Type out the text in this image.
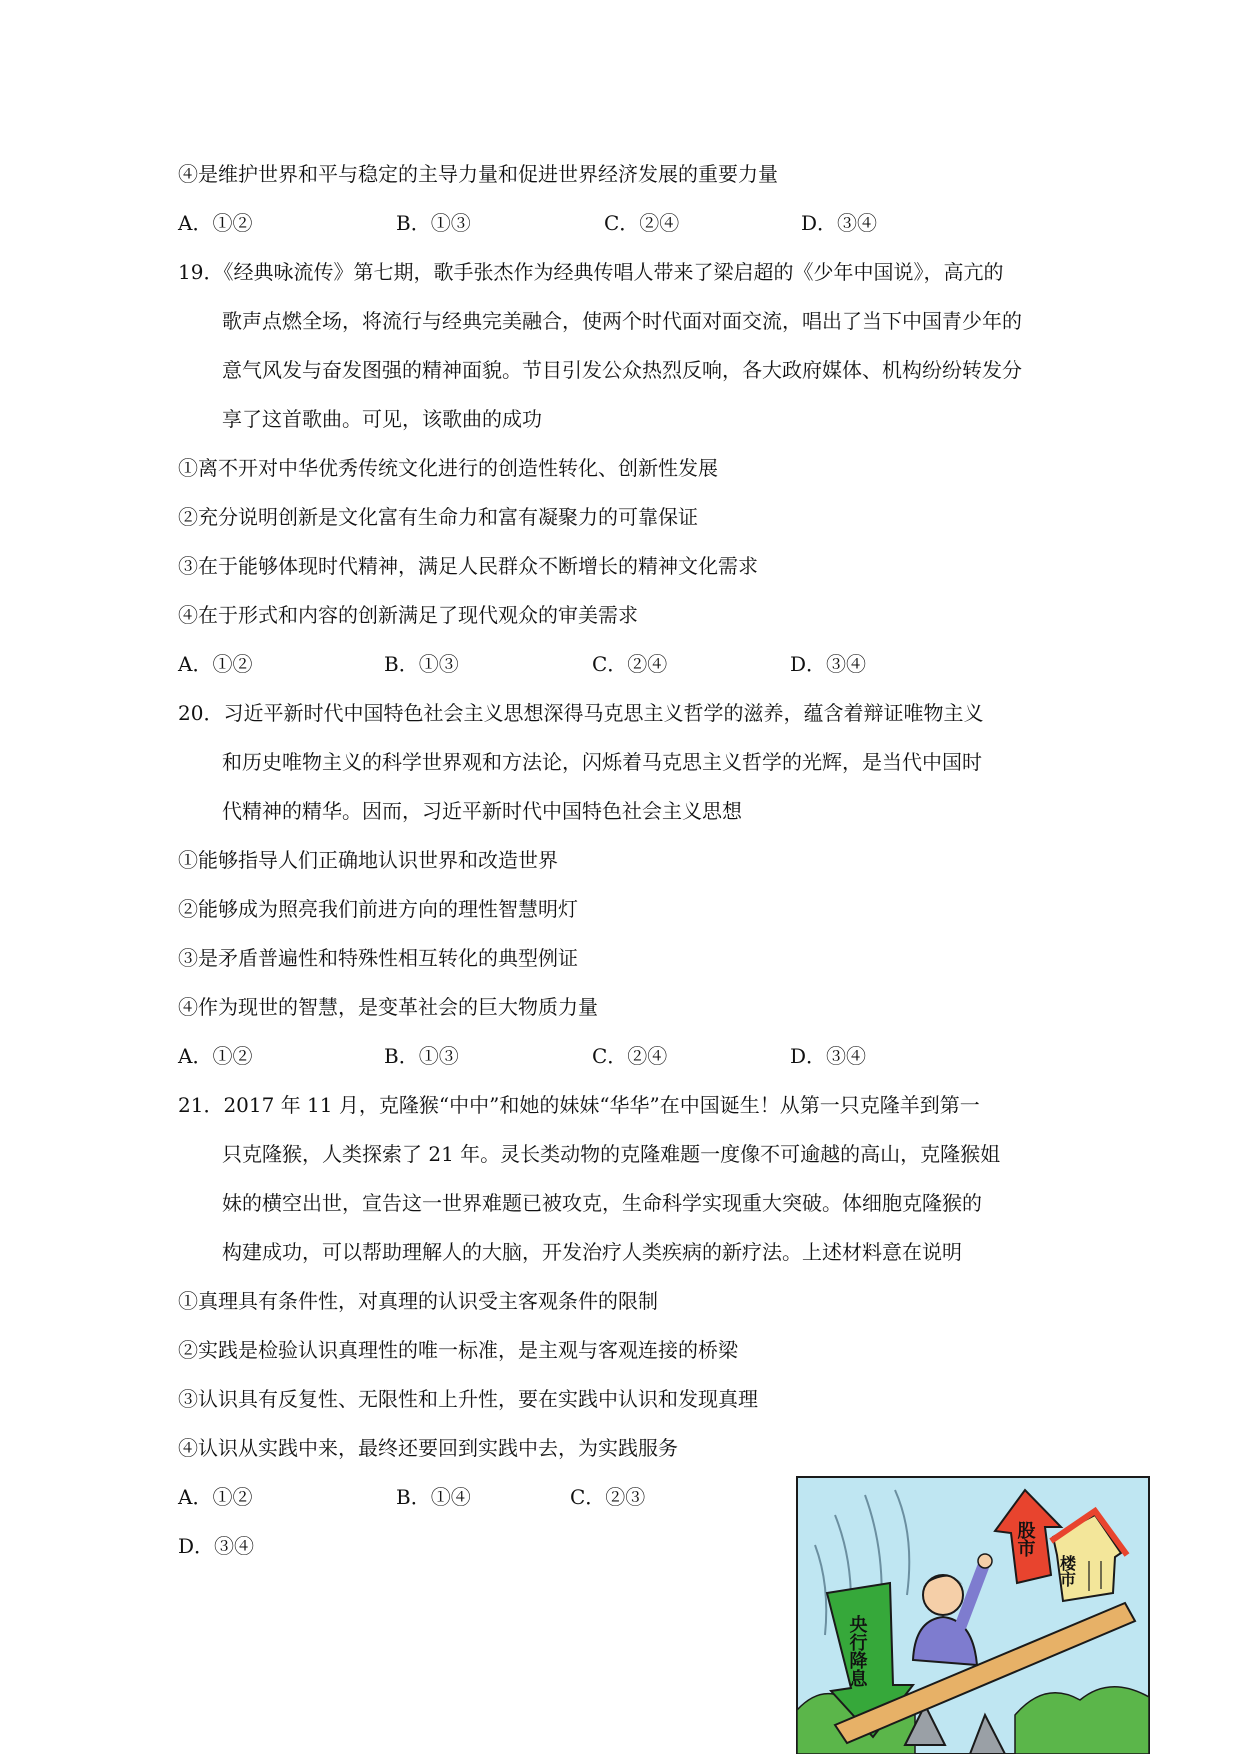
④是维护世界和平与稳定的主导力量和促进世界经济发展的重要力量
A．①②	B．①③	C．②④	D．③④
19．《经典咏流传》第七期，歌手张杰作为经典传唱人带来了梁启超的《少年中国说》，高亢的
歌声点燃全场，将流行与经典完美融合，使两个时代面对面交流，唱出了当下中国青少年的
意气风发与奋发图强的精神面貌。节目引发公众热烈反响，各大政府媒体、机构纷纷转发分
享了这首歌曲。可见，该歌曲的成功
①离不开对中华优秀传统文化进行的创造性转化、创新性发展
②充分说明创新是文化富有生命力和富有凝聚力的可靠保证
③在于能够体现时代精神，满足人民群众不断增长的精神文化需求
④在于形式和内容的创新满足了现代观众的审美需求
A．①②	B．①③	C．②④	D．③④
20．习近平新时代中国特色社会主义思想深得马克思主义哲学的滋养，蕴含着辩证唯物主义
和历史唯物主义的科学世界观和方法论，闪烁着马克思主义哲学的光辉，是当代中国时
代精神的精华。因而，习近平新时代中国特色社会主义思想
①能够指导人们正确地认识世界和改造世界
②能够成为照亮我们前进方向的理性智慧明灯
③是矛盾普遍性和特殊性相互转化的典型例证
④作为现世的智慧，是变革社会的巨大物质力量
A．①②	B．①③	C．②④	D．③④
21．2017 年 11 月，克隆猴“中中”和她的妹妹“华华”在中国诞生！从第一只克隆羊到第一
只克隆猴，人类探索了 21 年。灵长类动物的克隆难题一度像不可逾越的高山，克隆猴姐
妹的横空出世，宣告这一世界难题已被攻克，生命科学实现重大突破。体细胞克隆猴的
构建成功，可以帮助理解人的大脑，开发治疗人类疾病的新疗法。上述材料意在说明
①真理具有条件性，对真理的认识受主客观条件的限制
②实践是检验认识真理性的唯一标准，是主观与客观连接的桥梁
③认识具有反复性、无限性和上升性，要在实践中认识和发现真理
④认识从实践中来，最终还要回到实践中去，为实践服务
A．①②	B．①④	C．②③
D．③④
央行降息
股市
楼市
